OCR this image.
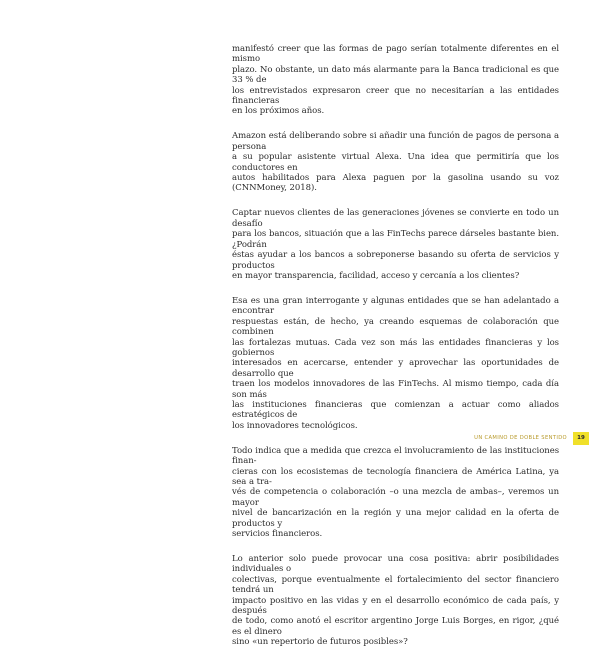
manifestó creer que las formas de pago serían totalmente diferentes en el mismo
plazo. No obstante, un dato más alarmante para la Banca tradicional es que 33 % de
los entrevistados expresaron creer que no necesitarían a las entidades financieras
en los próximos años.

Amazon está deliberando sobre si añadir una función de pagos de persona a persona
a su popular asistente virtual Alexa. Una idea que permitiría que los conductores en
autos habilitados para Alexa paguen por la gasolina usando su voz (CNNMoney, 2018).

Captar nuevos clientes de las generaciones jóvenes se convierte en todo un desafío
para los bancos, situación que a las FinTechs parece dárseles bastante bien. ¿Podrán
éstas ayudar a los bancos a sobreponerse basando su oferta de servicios y productos
en mayor transparencia, facilidad, acceso y cercanía a los clientes?

Esa es una gran interrogante y algunas entidades que se han adelantado a encontrar
respuestas están, de hecho, ya creando esquemas de colaboración que combinen
las fortalezas mutuas. Cada vez son más las entidades financieras y los gobiernos
interesados en acercarse, entender y aprovechar las oportunidades de desarrollo que
traen los modelos innovadores de las FinTechs. Al mismo tiempo, cada día son más
las instituciones financieras que comienzan a actuar como aliados estratégicos de
los innovadores tecnológicos.

Todo indica que a medida que crezca el involucramiento de las instituciones finan-
cieras con los ecosistemas de tecnología financiera de América Latina, ya sea a tra-
vés de competencia o colaboración –o una mezcla de ambas–, veremos un mayor
nivel de bancarización en la región y una mejor calidad en la oferta de productos y
servicios financieros.

Lo anterior solo puede provocar una cosa positiva: abrir posibilidades individuales o
colectivas, porque eventualmente el fortalecimiento del sector financiero tendrá un
impacto positivo en las vidas y en el desarrollo económico de cada país, y después
de todo, como anotó el escritor argentino Jorge Luis Borges, en rigor, ¿qué es el dinero
sino «un repertorio de futuros posibles»?

UN CAMINO DE DOBLE SENTIDO	19
